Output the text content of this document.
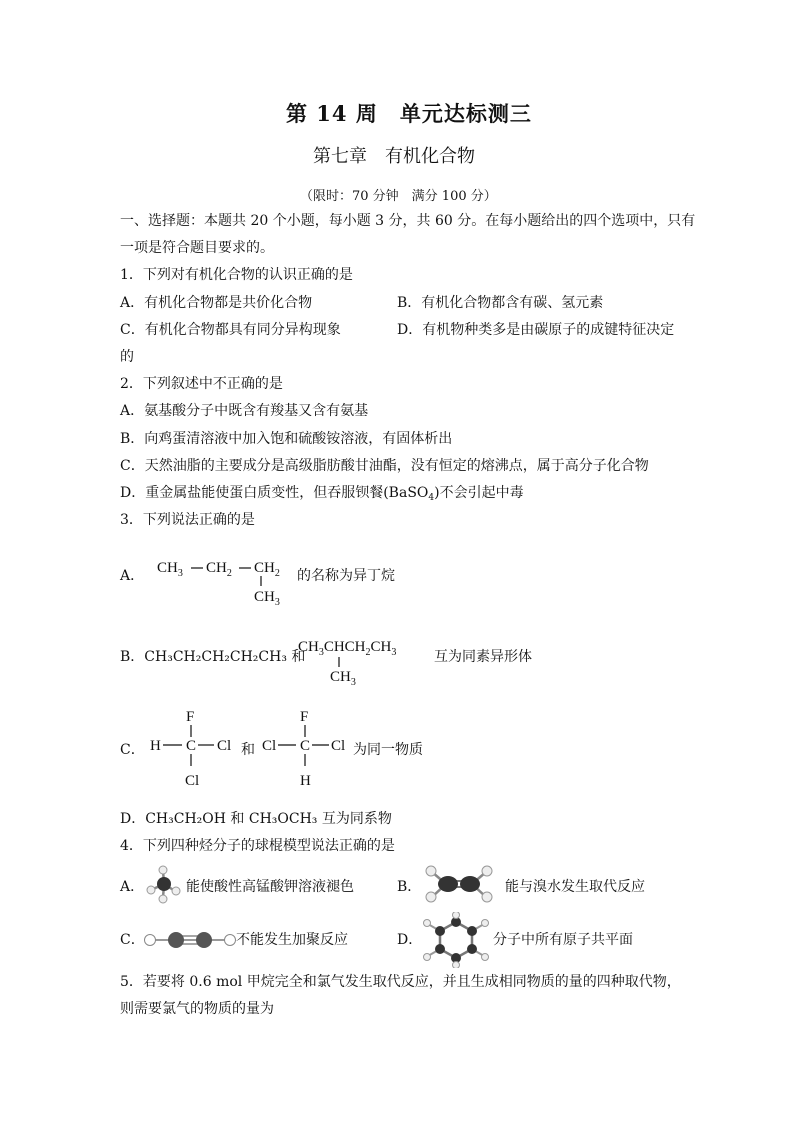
第 14 周　单元达标测三
第七章　有机化合物
（限时：70 分钟　满分 100 分）
一、选择题：本题共 20 个小题，每小题 3 分，共 60 分。在每小题给出的四个选项中，只有
一项是符合题目要求的。
1．下列对有机化合物的认识正确的是
A．有机化合物都是共价化合物	B．有机化合物都含有碳、氢元素
C．有机化合物都具有同分异构现象	D．有机物种类多是由碳原子的成键特征决定
的
2．下列叙述中不正确的是
A．氨基酸分子中既含有羧基又含有氨基
B．向鸡蛋清溶液中加入饱和硫酸铵溶液，有固体析出
C．天然油脂的主要成分是高级脂肪酸甘油酯，没有恒定的熔沸点，属于高分子化合物
D．重金属盐能使蛋白质变性，但吞服钡餐(BaSO$_4$)不会引起中毒
3．下列说法正确的是
A． $CH_3$ $CH_2$ $CH_2$
$CH_3$
的名称为异丁烷
B．CH₃CH₂CH₂CH₂CH₃ 和
$CH_3CHCH_2CH_3$
$CH_3$
互为同素异形体
C．
F
H C Cl
Cl
和
F
Cl C Cl
H
为同一物质
D．CH₃CH₂OH 和 CH₃OCH₃ 互为同系物
4．下列四种烃分子的球棍模型说法正确的是
A．	能使酸性高锰酸钾溶液褪色	B．	能与溴水发生取代反应
C．	不能发生加聚反应	D．	分子中所有原子共平面
5．若要将 0.6 mol 甲烷完全和氯气发生取代反应，并且生成相同物质的量的四种取代物，
则需要氯气的物质的量为
